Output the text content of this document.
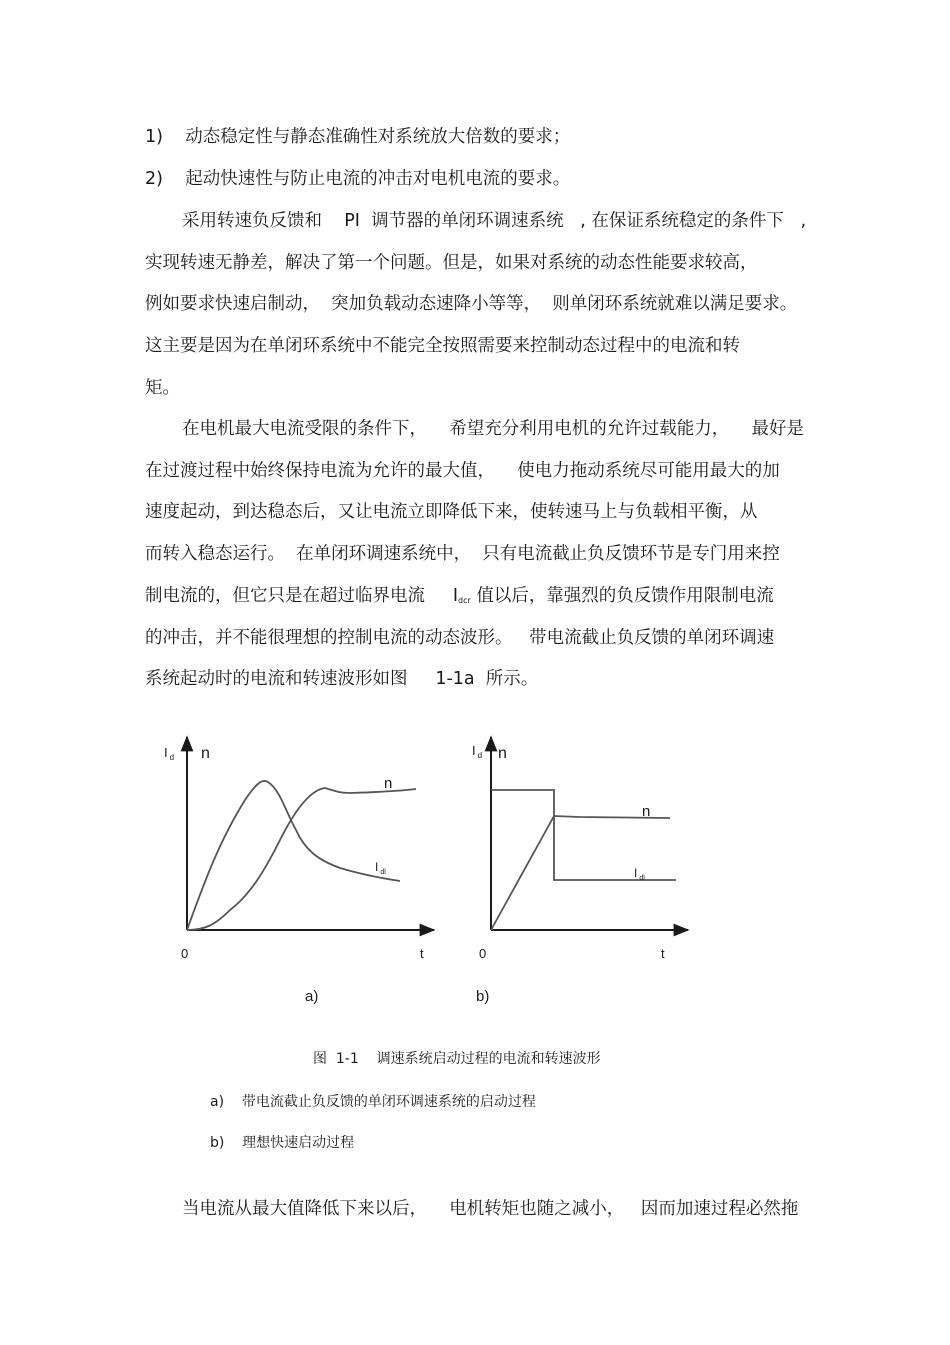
1)    动态稳定性与静态准确性对系统放大倍数的要求；

2)    起动快速性与防止电流的冲击对电机电流的要求。

采用转速负反馈和    PI  调节器的单闭环调速系统   , 在保证系统稳定的条件下   ,

实现转速无静差，解决了第一个问题。但是，如果对系统的动态性能要求较高，

例如要求快速启制动，  突加负载动态速降小等等，  则单闭环系统就难以满足要求。

这主要是因为在单闭环系统中不能完全按照需要来控制动态过程中的电流和转

矩。

在电机最大电流受限的条件下，    希望充分利用电机的允许过载能力，    最好是

在过渡过程中始终保持电流为允许的最大值，    使电力拖动系统尽可能用最大的加

速度起动，到达稳态后，又让电流立即降低下来，使转速马上与负载相平衡，从

而转入稳态运行。  在单闭环调速系统中，  只有电流截止负反馈环节是专门用来控

制电流的，但它只是在超过临界电流     $I_{dcr}$ 值以后，靠强烈的负反馈作用限制电流

的冲击，并不能很理想的控制电流的动态波形。   带电流截止负反馈的单闭环调速

系统起动时的电流和转速波形如图     1-1a  所示。

I $_d$ n
n
I $_{dl}$
0	t
a)
I $_d$ n
n
I $_{dl}$
0	t
b)

图  1-1    调速系统启动过程的电流和转速波形

a)    带电流截止负反馈的单闭环调速系统的启动过程

b)    理想快速启动过程

当电流从最大值降低下来以后，    电机转矩也随之减小，   因而加速过程必然拖
